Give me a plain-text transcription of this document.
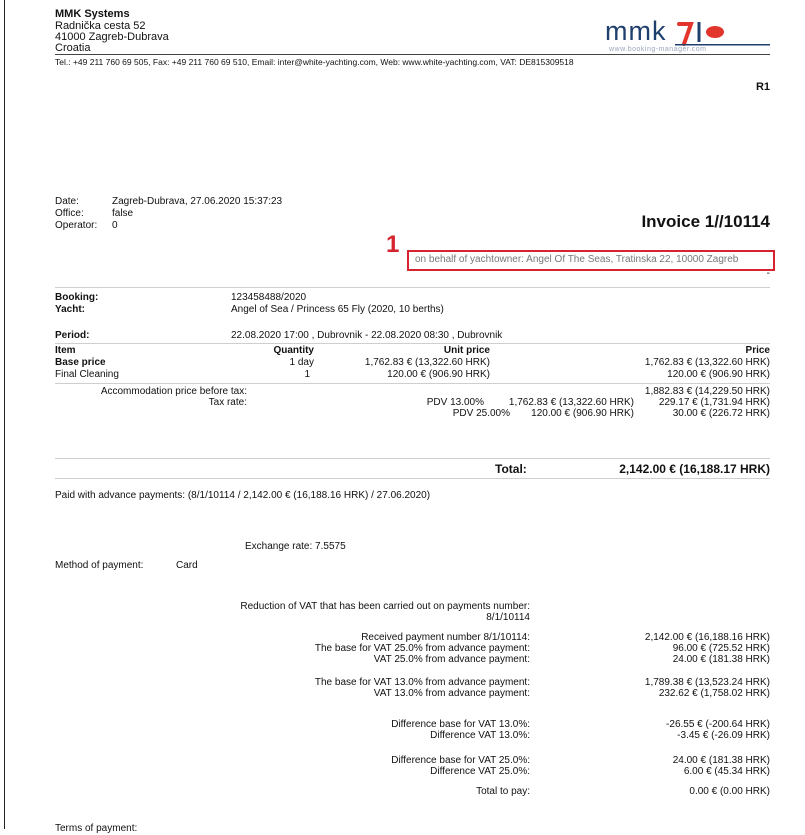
MMK Systems
Radnička cesta 52
41000 Zagreb-Dubrava
Croatia
mmk
www.booking-manager.com
Tel.: +49 211 760 69 505, Fax: +49 211 760 69 510, Email: inter@white-yachting.com, Web: www.white-yachting.com, VAT: DE815309518
R1
Date:	Zagreb-Dubrava, 27.06.2020 15:37:23
Office:	false
Operator: 0	Invoice 1//10114
1
on behalf of yachtowner: Angel Of The Seas, Tratinska 22, 10000 Zagreb
-
Booking:	123458488/2020
Yacht:	Angel of Sea / Princess 65 Fly (2020, 10 berths)
Period:	22.08.2020 17:00 , Dubrovnik - 22.08.2020 08:30 , Dubrovnik
Item	Quantity	Unit price	Price
Base price	1 day	1,762.83 € (13,322.60 HRK)	1,762.83 € (13,322.60 HRK)
Final Cleaning	1	120.00 € (906.90 HRK)	120.00 € (906.90 HRK)
Accommodation price before tax:	1,882.83 € (14,229.50 HRK)
Tax rate:	PDV 13.00%	1,762.83 € (13,322.60 HRK)	229.17 € (1,731.94 HRK)
PDV 25.00%	120.00 € (906.90 HRK)	30.00 € (226.72 HRK)
Total:	2,142.00 € (16,188.17 HRK)
Paid with advance payments: (8/1/10114 / 2,142.00 € (16,188.16 HRK) / 27.06.2020)
Exchange rate: 7.5575
Method of payment:	Card
Reduction of VAT that has been carried out on payments number:
8/1/10114
Received payment number 8/1/10114:	2,142.00 € (16,188.16 HRK)
The base for VAT 25.0% from advance payment:	96.00 € (725.52 HRK)
VAT 25.0% from advance payment:	24.00 € (181.38 HRK)
The base for VAT 13.0% from advance payment:	1,789.38 € (13,523.24 HRK)
VAT 13.0% from advance payment:	232.62 € (1,758.02 HRK)
Difference base for VAT 13.0%:	-26.55 € (-200.64 HRK)
Difference VAT 13.0%:	-3.45 € (-26.09 HRK)
Difference base for VAT 25.0%:	24.00 € (181.38 HRK)
Difference VAT 25.0%:	6.00 € (45.34 HRK)
Total to pay:	0.00 € (0.00 HRK)
Terms of payment:
